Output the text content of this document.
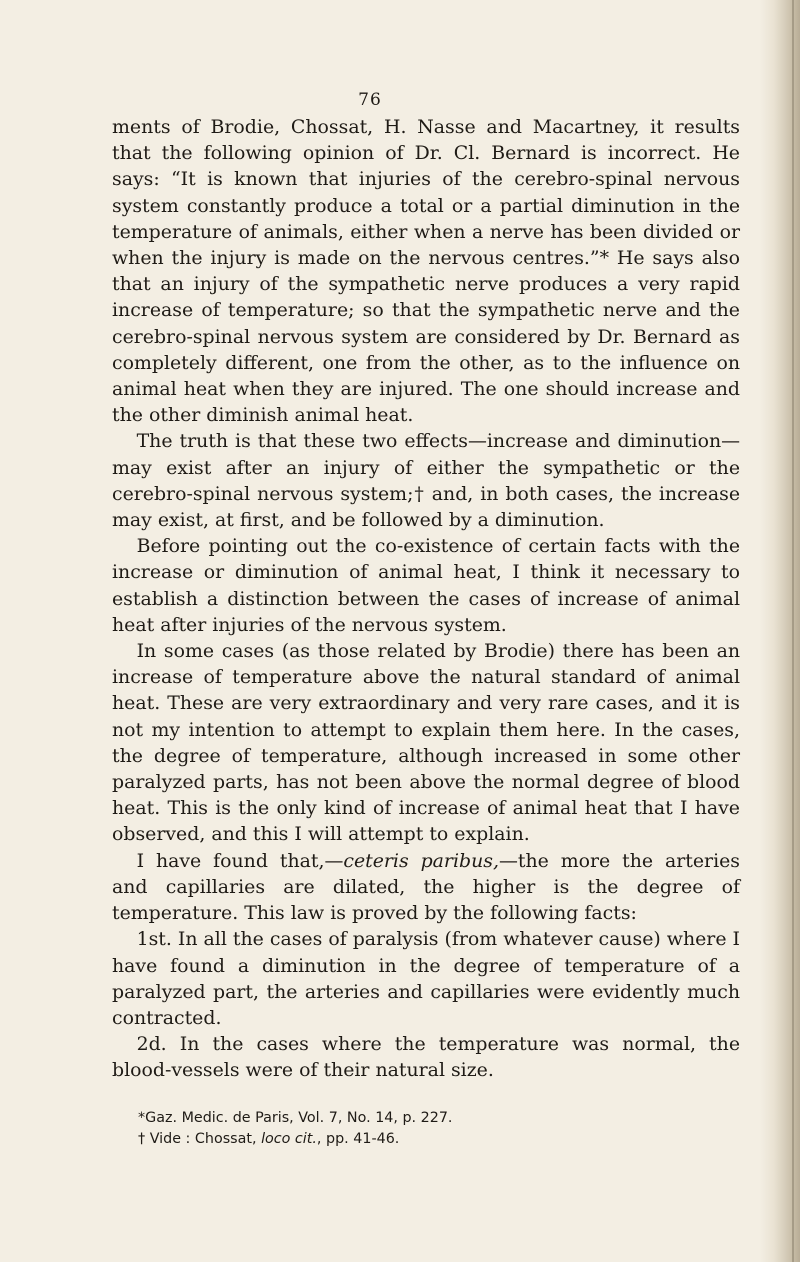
76

ments of Brodie, Chossat, H. Nasse and Macartney, it results that the following opinion of Dr. Cl. Bernard is incorrect. He says: “It is known that injuries of the cerebro-spinal nervous system constantly produce a total or a partial diminution in the temperature of animals, either when a nerve has been divided or when the injury is made on the nervous centres.”* He says also that an injury of the sympathetic nerve produces a very rapid increase of temperature; so that the sympathetic nerve and the cerebro-spinal nervous system are considered by Dr. Bernard as completely different, one from the other, as to the influence on animal heat when they are injured. The one should increase and the other diminish animal heat.

The truth is that these two effects—increase and diminution—may exist after an injury of either the sympathetic or the cerebro-spinal nervous system;† and, in both cases, the increase may exist, at first, and be followed by a diminution.

Before pointing out the co-existence of certain facts with the increase or diminution of animal heat, I think it necessary to establish a distinction between the cases of increase of animal heat after injuries of the nervous system.

In some cases (as those related by Brodie) there has been an increase of temperature above the natural standard of animal heat. These are very extraordinary and very rare cases, and it is not my intention to attempt to explain them here. In the cases, the degree of temperature, although increased in some other paralyzed parts, has not been above the normal degree of blood heat. This is the only kind of increase of animal heat that I have observed, and this I will attempt to explain.

I have found that,—ceteris paribus,—the more the arteries and capillaries are dilated, the higher is the degree of temperature. This law is proved by the following facts:

1st. In all the cases of paralysis (from whatever cause) where I have found a diminution in the degree of temperature of a paralyzed part, the arteries and capillaries were evidently much contracted.

2d. In the cases where the temperature was normal, the blood-vessels were of their natural size.

*Gaz. Medic. de Paris, Vol. 7, No. 14, p. 227.

† Vide : Chossat, loco cit., pp. 41-46.
